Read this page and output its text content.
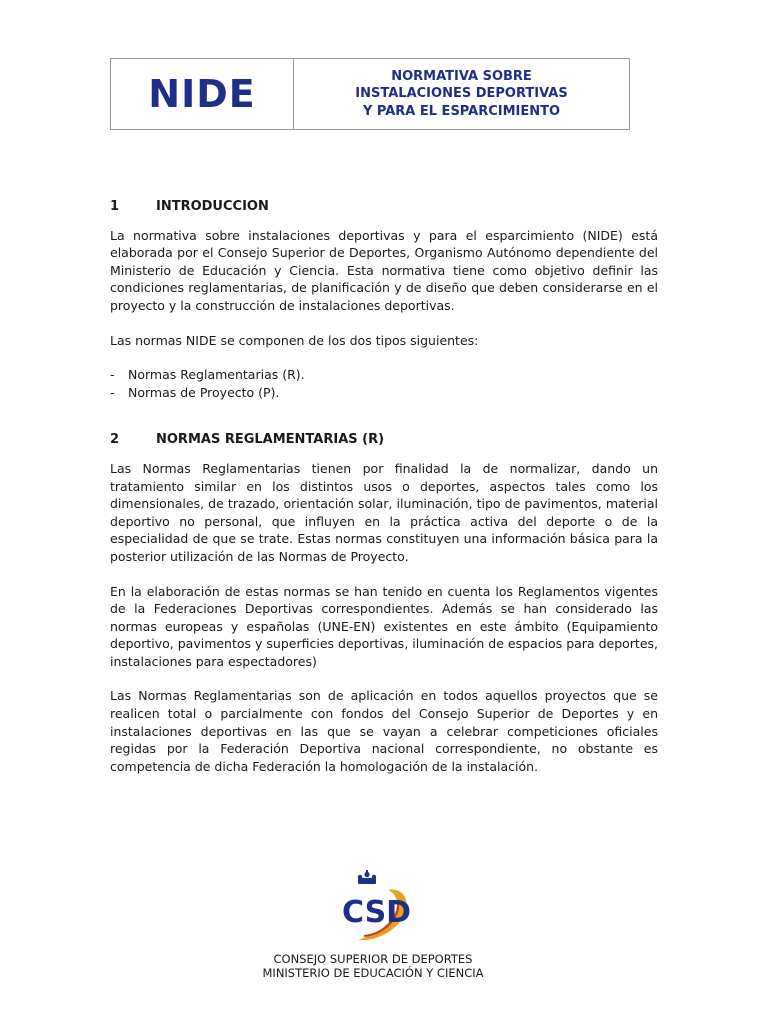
NIDE	NORMATIVA SOBRE
INSTALACIONES DEPORTIVAS
Y PARA EL ESPARCIMIENTO
1	INTRODUCCION

La normativa sobre instalaciones deportivas y para el esparcimiento (NIDE) está elaborada por el Consejo Superior de Deportes, Organismo Autónomo dependiente del Ministerio de Educación y Ciencia. Esta normativa tiene como objetivo definir las condiciones reglamentarias, de planificación y de diseño que deben considerarse en el proyecto y la construcción de instalaciones deportivas.

Las normas NIDE se componen de los dos tipos siguientes:

-	Normas Reglamentarias (R).
-	Normas de Proyecto (P).
2	NORMAS REGLAMENTARIAS (R)

Las Normas Reglamentarias tienen por finalidad la de normalizar, dando un tratamiento similar en los distintos usos o deportes, aspectos tales como los dimensionales, de trazado, orientación solar, iluminación, tipo de pavimentos, material deportivo no personal, que influyen en la práctica activa del deporte o de la especialidad de que se trate. Estas normas constituyen una información básica para la posterior utilización de las Normas de Proyecto.

En la elaboración de estas normas se han tenido en cuenta los Reglamentos vigentes de la Federaciones Deportivas correspondientes. Además se han considerado las normas europeas y españolas (UNE-EN) existentes en este ámbito (Equipamiento deportivo, pavimentos y superficies deportivas, iluminación de espacios para deportes, instalaciones para espectadores)

Las Normas Reglamentarias son de aplicación en todos aquellos proyectos que se realicen total o parcialmente con fondos del Consejo Superior de Deportes y en instalaciones deportivas en las que se vayan a celebrar competiciones oficiales regidas por la Federación Deportiva nacional correspondiente, no obstante es competencia de dicha Federación la homologación de la instalación.

CSD
CONSEJO SUPERIOR DE DEPORTES
MINISTERIO DE EDUCACIÓN Y CIENCIA
